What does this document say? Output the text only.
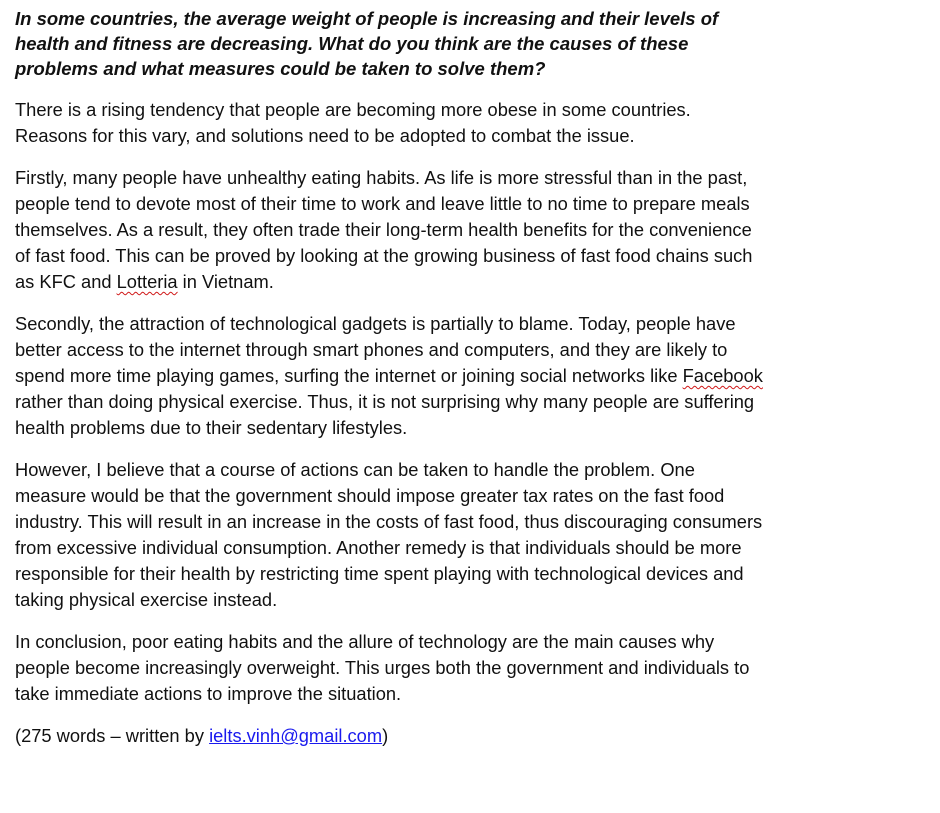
In some countries, the average weight of people is increasing and their levels of
health and fitness are decreasing. What do you think are the causes of these
problems and what measures could be taken to solve them?

There is a rising tendency that people are becoming more obese in some countries.
Reasons for this vary, and solutions need to be adopted to combat the issue.

Firstly, many people have unhealthy eating habits. As life is more stressful than in the past,
people tend to devote most of their time to work and leave little to no time to prepare meals
themselves. As a result, they often trade their long-term health benefits for the convenience
of fast food. This can be proved by looking at the growing business of fast food chains such
as KFC and Lotteria in Vietnam.

Secondly, the attraction of technological gadgets is partially to blame. Today, people have
better access to the internet through smart phones and computers, and they are likely to
spend more time playing games, surfing the internet or joining social networks like Facebook
rather than doing physical exercise. Thus, it is not surprising why many people are suffering
health problems due to their sedentary lifestyles.

However, I believe that a course of actions can be taken to handle the problem. One
measure would be that the government should impose greater tax rates on the fast food
industry. This will result in an increase in the costs of fast food, thus discouraging consumers
from excessive individual consumption. Another remedy is that individuals should be more
responsible for their health by restricting time spent playing with technological devices and
taking physical exercise instead.

In conclusion, poor eating habits and the allure of technology are the main causes why
people become increasingly overweight. This urges both the government and individuals to
take immediate actions to improve the situation.

(275 words – written by ielts.vinh@gmail.com)
